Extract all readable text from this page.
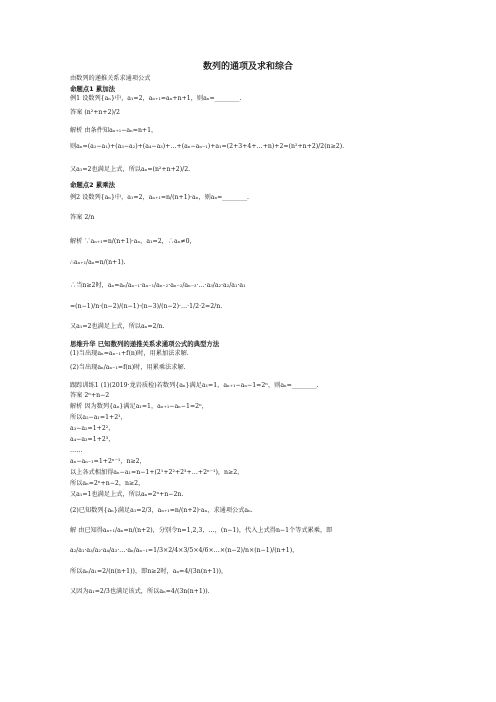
数列的通项及求和综合
由数列的递推关系求通项公式
命题点1 累加法
例1 设数列{aₙ}中，a₁=2，aₙ₊₁=aₙ+n+1，则aₙ=________.
答案 (n²+n+2)/2
解析 由条件知aₙ₊₁−aₙ=n+1，
则aₙ=(a₂−a₁)+(a₃−a₂)+(a₄−a₃)+…+(aₙ−aₙ₋₁)+a₁=(2+3+4+…+n)+2=(n²+n+2)/2(n≥2).
又a₁=2也满足上式，所以aₙ=(n²+n+2)/2.
命题点2 累乘法
例2 设数列{aₙ}中，a₁=2，aₙ₊₁=n/(n+1)·aₙ，则aₙ=________.
答案 2/n
解析 ∵aₙ₊₁=n/(n+1)·aₙ，a₁=2，∴aₙ≠0，
∴aₙ₊₁/aₙ=n/(n+1).
∴当n≥2时，aₙ=aₙ/aₙ₋₁·aₙ₋₁/aₙ₋₂·aₙ₋₂/aₙ₋₃·…·a₃/a₂·a₂/a₁·a₁
=(n−1)/n·(n−2)/(n−1)·(n−3)/(n−2)·…·1/2·2=2/n.
又a₁=2也满足上式，所以aₙ=2/n.
思维升华 已知数列的递推关系求通项公式的典型方法
(1)当出现aₙ=aₙ₋₁+f(n)时，用累加法求解.
(2)当出现aₙ/aₙ₋₁=f(n)时，用累乘法求解.
跟踪训练1 (1)(2019·龙岩质检)若数列{aₙ}满足a₁=1，aₙ₊₁−aₙ−1=2ⁿ，则aₙ=________.
答案 2ⁿ+n−2
解析 因为数列{aₙ}满足a₁=1，aₙ₊₁−aₙ−1=2ⁿ，
所以a₂−a₁=1+2¹，
a₃−a₂=1+2²，
a₄−a₃=1+2³，
……
aₙ−aₙ₋₁=1+2ⁿ⁻¹，n≥2，
以上各式相加得aₙ−a₁=n−1+(2¹+2²+2³+…+2ⁿ⁻¹)，n≥2，
所以aₙ=2ⁿ+n−2，n≥2，
又a₁=1也满足上式，所以aₙ=2ⁿ+n−2n.
(2)已知数列{aₙ}满足a₁=2/3，aₙ₊₁=n/(n+2)·aₙ，求通项公式aₙ.
解 由已知得aₙ₊₁/aₙ=n/(n+2)，分别令n=1,2,3，…，(n−1)，代入上式得n−1个等式累乘，即
a₂/a₁·a₃/a₂·a₄/a₃·…·aₙ/aₙ₋₁=1/3×2/4×3/5×4/6×…×(n−2)/n×(n−1)/(n+1)，
所以aₙ/a₁=2/(n(n+1))，即n≥2时，aₙ=4/(3n(n+1))，
又因为a₁=2/3也满足该式，所以aₙ=4/(3n(n+1)).
